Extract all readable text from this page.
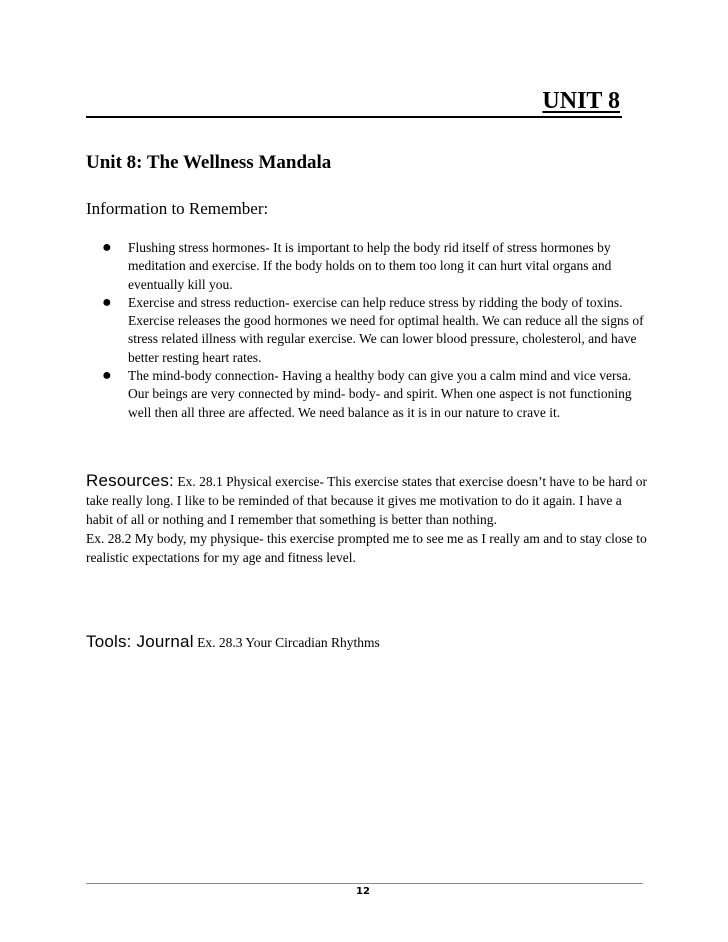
UNIT 8
Unit 8: The Wellness Mandala
Information to Remember:
● Flushing stress hormones- It is important to help the body rid itself of stress hormones by meditation and exercise. If the body holds on to them too long it can hurt vital organs and eventually kill you.
● Exercise and stress reduction- exercise can help reduce stress by ridding the body of toxins. Exercise releases the good hormones we need for optimal health. We can reduce all the signs of stress related illness with regular exercise. We can lower blood pressure, cholesterol, and have better resting heart rates.
● The mind-body connection- Having a healthy body can give you a calm mind and vice versa. Our beings are very connected by mind- body- and spirit. When one aspect is not functioning well then all three are affected. We need balance as it is in our nature to crave it.

Resources: Ex. 28.1 Physical exercise- This exercise states that exercise doesn’t have to be hard or take really long. I like to be reminded of that because it gives me motivation to do it again. I have a habit of all or nothing and I remember that something is better than nothing.

Ex. 28.2 My body, my physique- this exercise prompted me to see me as I really am and to stay close to realistic expectations for my age and fitness level.

Tools: Journal Ex. 28.3 Your Circadian Rhythms
12
